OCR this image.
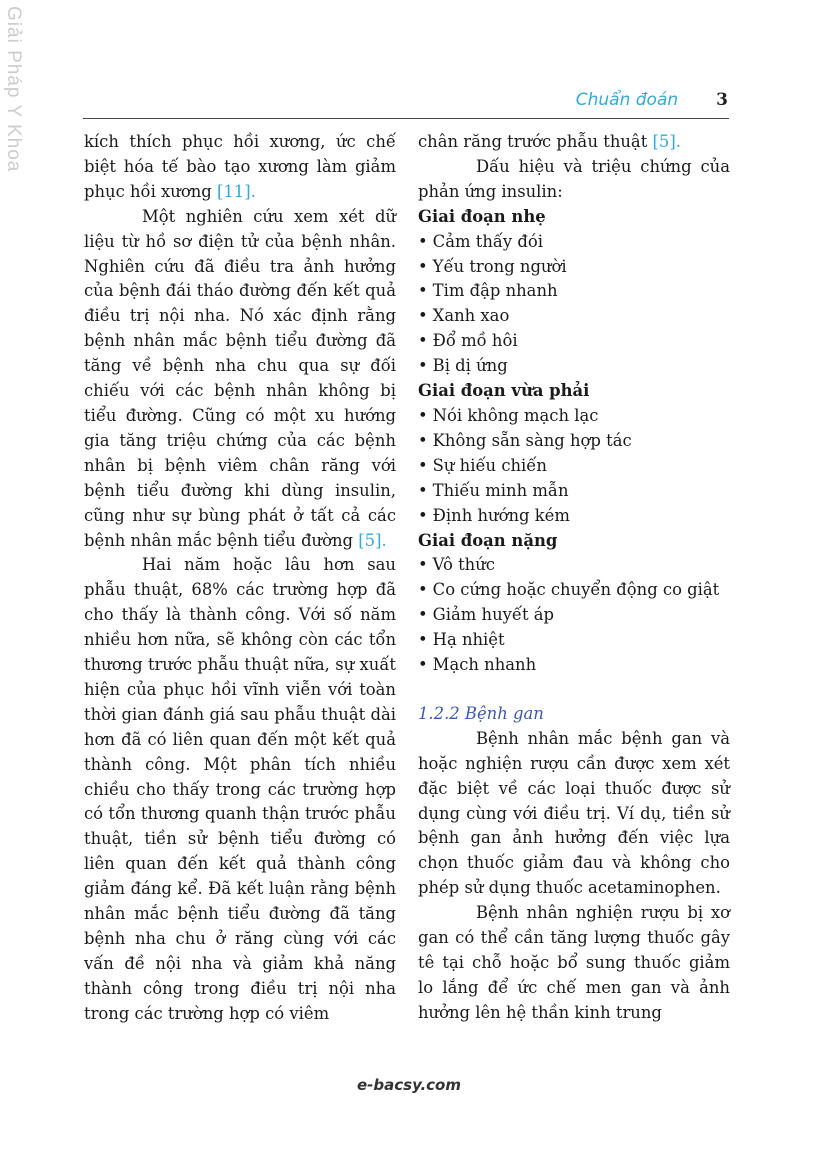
Giải Pháp Y Khoa	Chuẩn đoán 3

kích thích phục hồi xương, ức chế biệt hóa tế bào tạo xương làm giảm phục hồi xương [11].

Một nghiên cứu xem xét dữ liệu từ hồ sơ điện tử của bệnh nhân. Nghiên cứu đã điều tra ảnh hưởng của bệnh đái tháo đường đến kết quả điều trị nội nha. Nó xác định rằng bệnh nhân mắc bệnh tiểu đường đã tăng về bệnh nha chu qua sự đối chiếu với các bệnh nhân không bị tiểu đường. Cũng có một xu hướng gia tăng triệu chứng của các bệnh nhân bị bệnh viêm chân răng với bệnh tiểu đường khi dùng insulin, cũng như sự bùng phát ở tất cả các bệnh nhân mắc bệnh tiểu đường [5].

Hai năm hoặc lâu hơn sau phẫu thuật, 68% các trường hợp đã cho thấy là thành công. Với số năm nhiều hơn nữa, sẽ không còn các tổn thương trước phẫu thuật nữa, sự xuất hiện của phục hồi vĩnh viễn với toàn thời gian đánh giá sau phẫu thuật dài hơn đã có liên quan đến một kết quả thành công. Một phân tích nhiều chiều cho thấy trong các trường hợp có tổn thương quanh thận trước phẫu thuật, tiền sử bệnh tiểu đường có liên quan đến kết quả thành công giảm đáng kể. Đã kết luận rằng bệnh nhân mắc bệnh tiểu đường đã tăng bệnh nha chu ở răng cùng với các vấn đề nội nha và giảm khả năng thành công trong điều trị nội nha trong các trường hợp có viêm

chân răng trước phẫu thuật [5].

Dấu hiệu và triệu chứng của phản ứng insulin:

Giai đoạn nhẹ

• Cảm thấy đói
• Yếu trong người
• Tim đập nhanh
• Xanh xao
• Đổ mồ hôi
• Bị dị ứng

Giai đoạn vừa phải

• Nói không mạch lạc
• Không sẵn sàng hợp tác
• Sự hiếu chiến
• Thiếu minh mẫn
• Định hướng kém

Giai đoạn nặng

• Vô thức
• Co cứng hoặc chuyển động co giật
• Giảm huyết áp
• Hạ nhiệt
• Mạch nhanh

1.2.2 Bệnh gan

Bệnh nhân mắc bệnh gan và hoặc nghiện rượu cần được xem xét đặc biệt về các loại thuốc được sử dụng cùng với điều trị. Ví dụ, tiền sử bệnh gan ảnh hưởng đến việc lựa chọn thuốc giảm đau và không cho phép sử dụng thuốc acetaminophen.

Bệnh nhân nghiện rượu bị xơ gan có thể cần tăng lượng thuốc gây tê tại chỗ hoặc bổ sung thuốc giảm lo lắng để ức chế men gan và ảnh hưởng lên hệ thần kinh trung

e-bacsy.com
